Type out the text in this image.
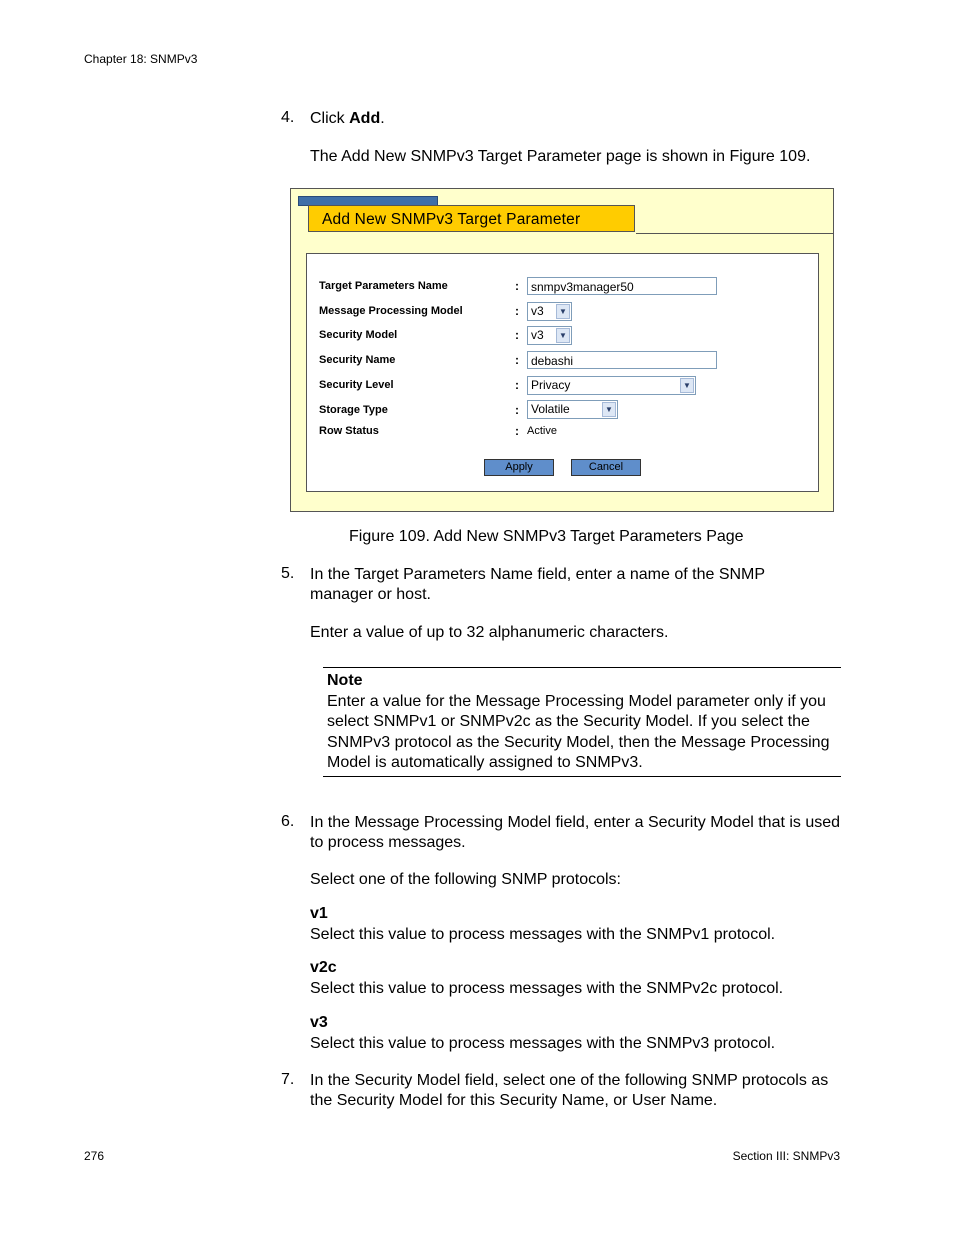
Chapter 18: SNMPv3
4. Click Add.
The Add New SNMPv3 Target Parameter page is shown in Figure 109.
Add New SNMPv3 Target Parameter
Target Parameters Name	:	snmpv3manager50
Message Processing Model	:	v3	▼
Security Model	:	v3	▼
Security Name	:	debashi
Security Level	:	Privacy	▼
Storage Type	:	Volatile	▼
Row Status	: Active
Apply	Cancel
Figure 109. Add New SNMPv3 Target Parameters Page
5. In the Target Parameters Name field, enter a name of the SNMP manager or host.
Enter a value of up to 32 alphanumeric characters.
Note
Enter a value for the Message Processing Model parameter only if you select SNMPv1 or SNMPv2c as the Security Model. If you select the SNMPv3 protocol as the Security Model, then the Message Processing Model is automatically assigned to SNMPv3.
6. In the Message Processing Model field, enter a Security Model that is used to process messages.
Select one of the following SNMP protocols:
v1
Select this value to process messages with the SNMPv1 protocol.
v2c
Select this value to process messages with the SNMPv2c protocol.
v3
Select this value to process messages with the SNMPv3 protocol.
7. In the Security Model field, select one of the following SNMP protocols as the Security Model for this Security Name, or User Name.
276	Section III: SNMPv3
